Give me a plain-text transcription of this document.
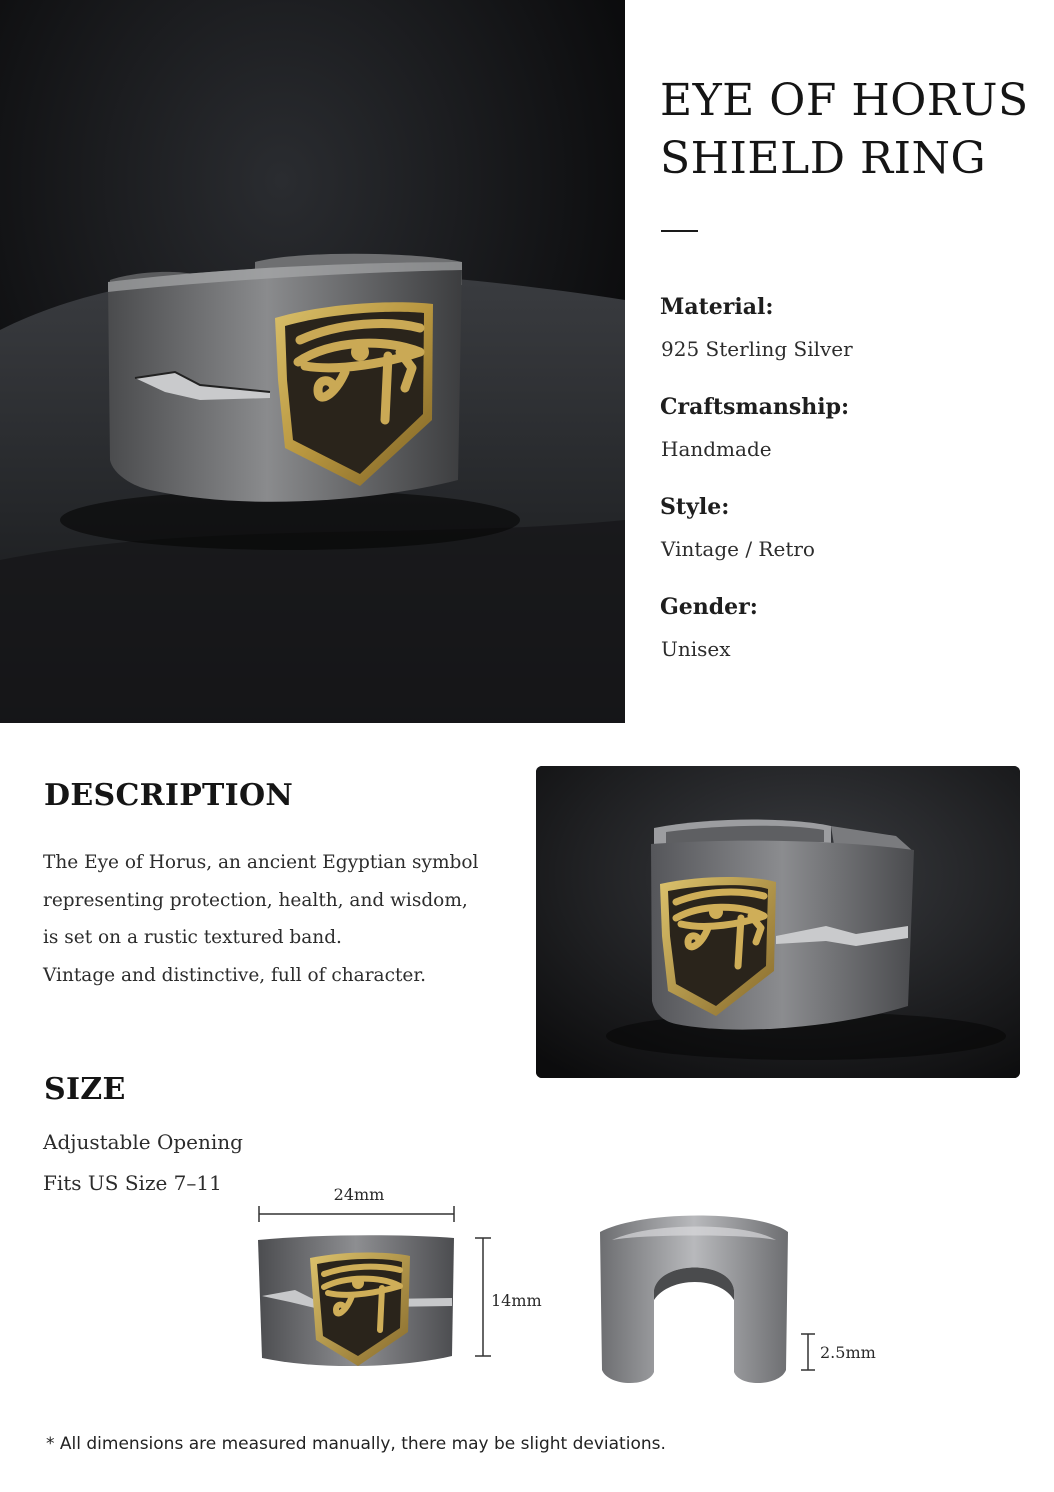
EYE OF HORUS
SHIELD RING
Material:
925 Sterling Silver
Craftsmanship:
Handmade
Style:
Vintage / Retro
Gender:
Unisex
DESCRIPTION
The Eye of Horus, an ancient Egyptian symbol
representing protection, health, and wisdom,
is set on a rustic textured band.
Vintage and distinctive, full of character.
SIZE
Adjustable Opening
Fits US Size 7–11	24mm
14mm
2.5mm
* All dimensions are measured manually, there may be slight deviations.
